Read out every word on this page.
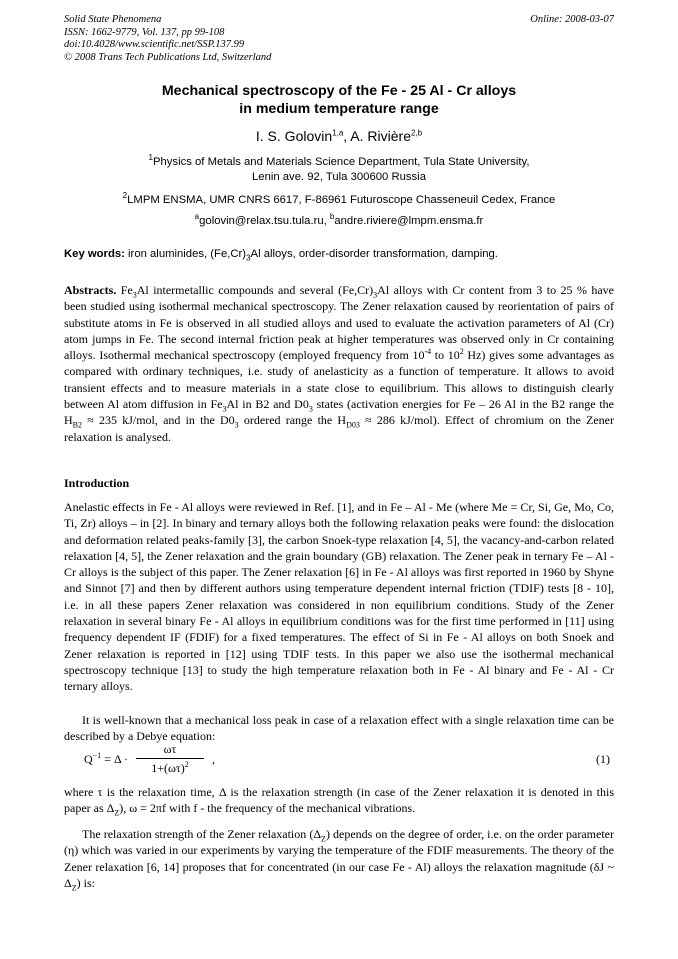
Solid State Phenomena
ISSN: 1662-9779, Vol. 137, pp 99-108
doi:10.4028/www.scientific.net/SSP.137.99
© 2008 Trans Tech Publications Ltd, Switzerland
Online: 2008-03-07
Mechanical spectroscopy of the Fe - 25 Al - Cr alloys
in medium temperature range
I. S. Golovin$^{1,a}$, A. Rivière$^{2,b}$
$^1$Physics of Metals and Materials Science Department, Tula State University,
Lenin ave. 92, Tula 300600 Russia
$^2$LMPM ENSMA, UMR CNRS 6617, F-86961 Futuroscope Chasseneuil Cedex, France
$^a$golovin@relax.tsu.tula.ru, $^b$andre.riviere@lmpm.ensma.fr
Key words: iron aluminides, $(Fe,Cr)_3Al$ alloys, order-disorder transformation, damping.
Abstracts. $Fe_3Al$ intermetallic compounds and several $(Fe,Cr)_3Al$ alloys with Cr content from 3 to 25 % have been studied using isothermal mechanical spectroscopy. The Zener relaxation caused by reorientation of pairs of substitute atoms in Fe is observed in all studied alloys and used to evaluate the activation parameters of Al (Cr) atom jumps in Fe. The second internal friction peak at higher temperatures was observed only in Cr containing alloys. Isothermal mechanical spectroscopy (employed frequency from $10^{-4}$ to $10^2$ Hz) gives some advantages as compared with ordinary techniques, i.e. study of anelasticity as a function of temperature. It allows to avoid transient effects and to measure materials in a state close to equilibrium. This allows to distinguish clearly between Al atom diffusion in $Fe_3Al$ in B2 and $D0_3$ states (activation energies for Fe – 26 Al in the B2 range the $H_{B2} \approx 235$ kJ/mol, and in the $D0_3$ ordered range the $H_{D03} \approx 286$ kJ/mol). Effect of chromium on the Zener relaxation is analysed.
Introduction
Anelastic effects in Fe - Al alloys were reviewed in Ref. [1], and in Fe – Al - Me (where Me = Cr, Si, Ge, Mo, Co, Ti, Zr) alloys – in [2]. In binary and ternary alloys both the following relaxation peaks were found: the dislocation and deformation related peaks-family [3], the carbon Snoek-type relaxation [4, 5], the vacancy-and-carbon related relaxation [4, 5], the Zener relaxation and the grain boundary (GB) relaxation. The Zener peak in ternary Fe – Al - Cr alloys is the subject of this paper. The Zener relaxation [6] in Fe - Al alloys was first reported in 1960 by Shyne and Sinnot [7] and then by different authors using temperature dependent internal friction (TDIF) tests [8 - 10], i.e. in all these papers Zener relaxation was considered in non equilibrium conditions. Study of the Zener relaxation in several binary Fe - Al alloys in equilibrium conditions was for the first time performed in [11] using frequency dependent IF (FDIF) for a fixed temperatures. The effect of Si in Fe - Al alloys on both Snoek and Zener relaxation is reported in [12] using TDIF tests. In this paper we also use the isothermal mechanical spectroscopy technique [13] to study the high temperature relaxation both in Fe - Al binary and Fe - Al - Cr ternary alloys.
It is well-known that a mechanical loss peak in case of a relaxation effect with a single relaxation time can be described by a Debye equation:
$Q^{-1} = \Delta$ ·
ωτ
$1+(\omega\tau)^2$	,	(1)
where τ is the relaxation time, Δ is the relaxation strength (in case of the Zener relaxation it is denoted in this paper as $\Delta_Z$), ω = 2πf with f - the frequency of the mechanical vibrations.
The relaxation strength of the Zener relaxation $(\Delta_Z)$ depends on the degree of order, i.e. on the order parameter (η) which was varied in our experiments by varying the temperature of the FDIF measurements. The theory of the Zener relaxation [6, 14] proposes that for concentrated (in our case Fe - Al) alloys the relaxation magnitude (δJ ~ $\Delta_Z$) is:
